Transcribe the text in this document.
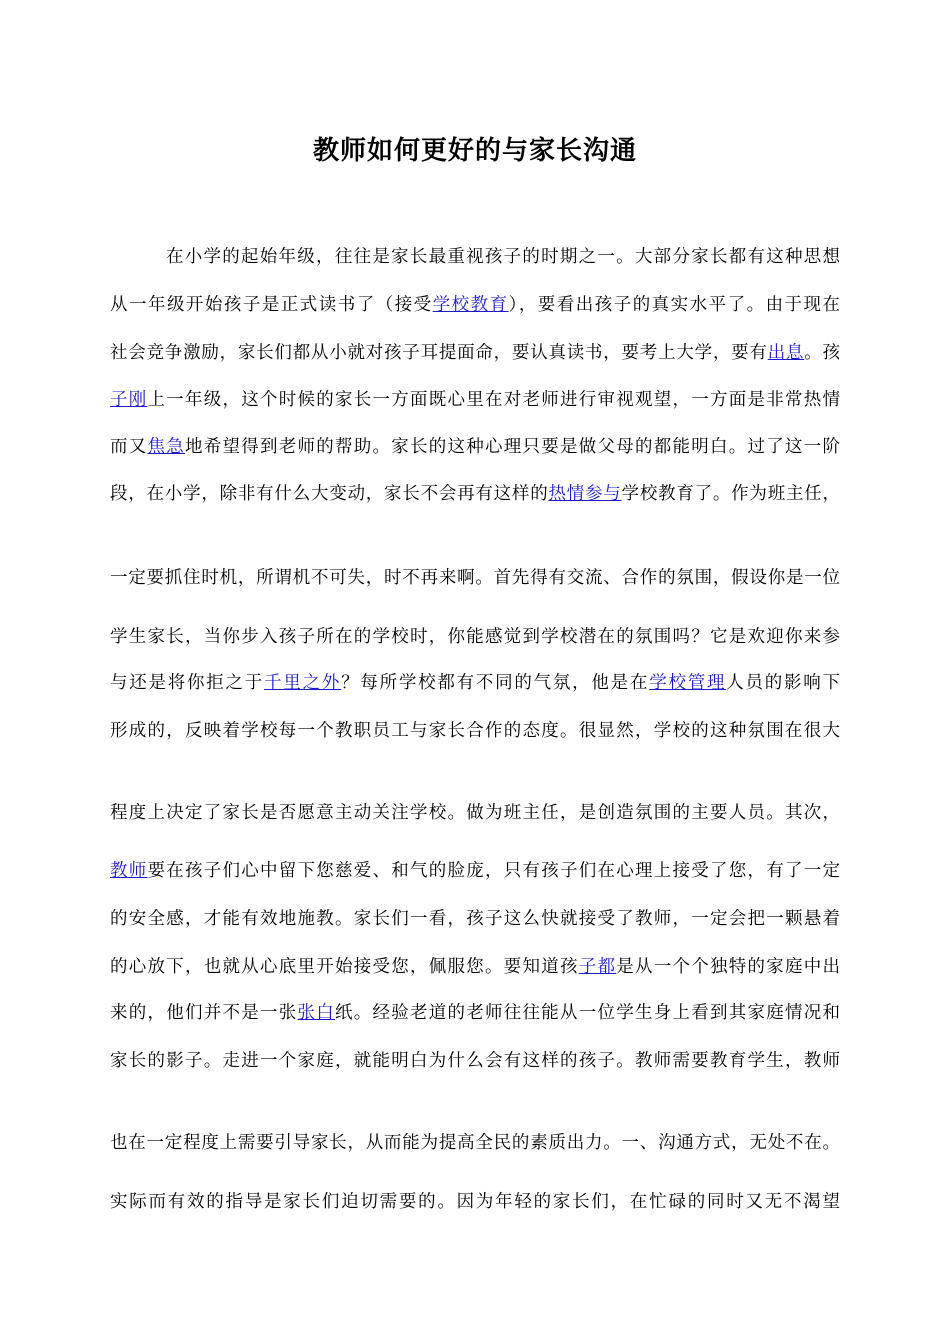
教师如何更好的与家长沟通
在小学的起始年级，往往是家长最重视孩子的时期之一。大部分家长都有这种思想
从一年级开始孩子是正式读书了（接受学校教育），要看出孩子的真实水平了。由于现在
社会竞争激励，家长们都从小就对孩子耳提面命，要认真读书，要考上大学，要有出息。孩
子刚上一年级，这个时候的家长一方面既心里在对老师进行审视观望，一方面是非常热情
而又焦急地希望得到老师的帮助。家长的这种心理只要是做父母的都能明白。过了这一阶
段，在小学，除非有什么大变动，家长不会再有这样的热情参与学校教育了。作为班主任，
一定要抓住时机，所谓机不可失，时不再来啊。首先得有交流、合作的氛围，假设你是一位
学生家长，当你步入孩子所在的学校时，你能感觉到学校潜在的氛围吗？它是欢迎你来参
与还是将你拒之于千里之外？每所学校都有不同的气氛，他是在学校管理人员的影响下
形成的，反映着学校每一个教职员工与家长合作的态度。很显然，学校的这种氛围在很大
程度上决定了家长是否愿意主动关注学校。做为班主任，是创造氛围的主要人员。其次，
教师要在孩子们心中留下您慈爱、和气的脸庞，只有孩子们在心理上接受了您，有了一定
的安全感，才能有效地施教。家长们一看，孩子这么快就接受了教师，一定会把一颗悬着
的心放下，也就从心底里开始接受您，佩服您。要知道孩子都是从一个个独特的家庭中出
来的，他们并不是一张张白纸。经验老道的老师往往能从一位学生身上看到其家庭情况和
家长的影子。走进一个家庭，就能明白为什么会有这样的孩子。教师需要教育学生，教师
也在一定程度上需要引导家长，从而能为提高全民的素质出力。一、沟通方式，无处不在。
实际而有效的指导是家长们迫切需要的。因为年轻的家长们，在忙碌的同时又无不渴望
